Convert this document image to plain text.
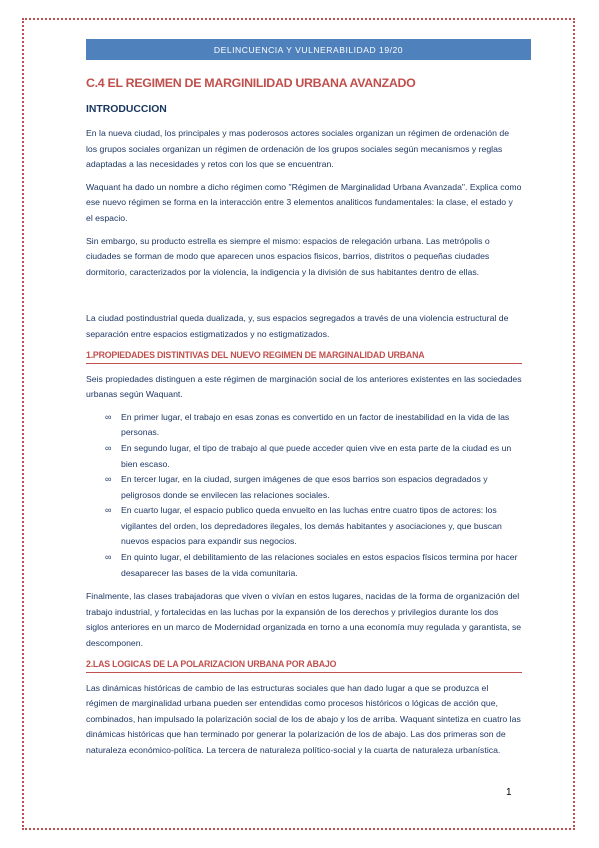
DELINCUENCIA Y VULNERABILIDAD 19/20
C.4 EL REGIMEN DE MARGINILIDAD URBANA AVANZADO
INTRODUCCION

En la nueva ciudad, los principales y mas poderosos actores sociales organizan un régimen de ordenación de los grupos sociales organizan un régimen de ordenación de los grupos sociales según mecanismos y reglas adaptadas a las necesidades y retos con los que se encuentran.

Waquant ha dado un nombre a dicho régimen como "Régimen de Marginalidad Urbana Avanzada". Explica como ese nuevo régimen se forma en la interacción entre 3 elementos analiticos fundamentales: la clase, el estado y el espacio.

Sin embargo, su producto estrella es siempre el mismo: espacios de relegación urbana. Las metrópolis o ciudades se forman de modo que aparecen unos espacios fisicos, barrios, distritos o pequeñas ciudades dormitorio, caracterizados por la violencia, la indigencia y la división de sus habitantes dentro de ellas.

La ciudad postindustrial queda dualizada, y, sus espacios segregados a través de una violencia estructural de separación entre espacios estigmatizados y no estigmatizados.

1.PROPIEDADES DISTINTIVAS DEL NUEVO REGIMEN DE MARGINALIDAD URBANA

Seis propiedades distinguen a este régimen de marginación social de los anteriores existentes en las sociedades urbanas según Waquant.

∞ En primer lugar, el trabajo en esas zonas es convertido en un factor de inestabilidad en la vida de las personas.
∞ En segundo lugar, el tipo de trabajo al que puede acceder quien vive en esta parte de la ciudad es un bien escaso.
∞ En tercer lugar, en la ciudad, surgen imágenes de que esos barrios son espacios degradados y peligrosos donde se envilecen las relaciones sociales.
∞ En cuarto lugar, el espacio publico queda envuelto en las luchas entre cuatro tipos de actores: los vigilantes del orden, los depredadores ilegales, los demás habitantes y asociaciones y, que buscan nuevos espacios para expandir sus negocios.
∞ En quinto lugar, el debilitamiento de las relaciones sociales en estos espacios físicos termina por hacer desaparecer las bases de la vida comunitaria.

Finalmente, las clases trabajadoras que viven o vivían en estos lugares, nacidas de la forma de organización del trabajo industrial, y fortalecidas en las luchas por la expansión de los derechos y privilegios durante los dos siglos anteriores en un marco de Modernidad organizada en torno a una economía muy regulada y garantista, se descomponen.

2.LAS LOGICAS DE LA POLARIZACION URBANA POR ABAJO

Las dinámicas históricas de cambio de las estructuras sociales que han dado lugar a que se produzca el régimen de marginalidad urbana pueden ser entendidas como procesos históricos o lógicas de acción que, combinados, han impulsado la polarización social de los de abajo y los de arriba. Waquant sintetiza en cuatro las dinámicas históricas que han terminado por generar la polarización de los de abajo. Las dos primeras son de naturaleza económico-política. La tercera de naturaleza político-social y la cuarta de naturaleza urbanística.

1
